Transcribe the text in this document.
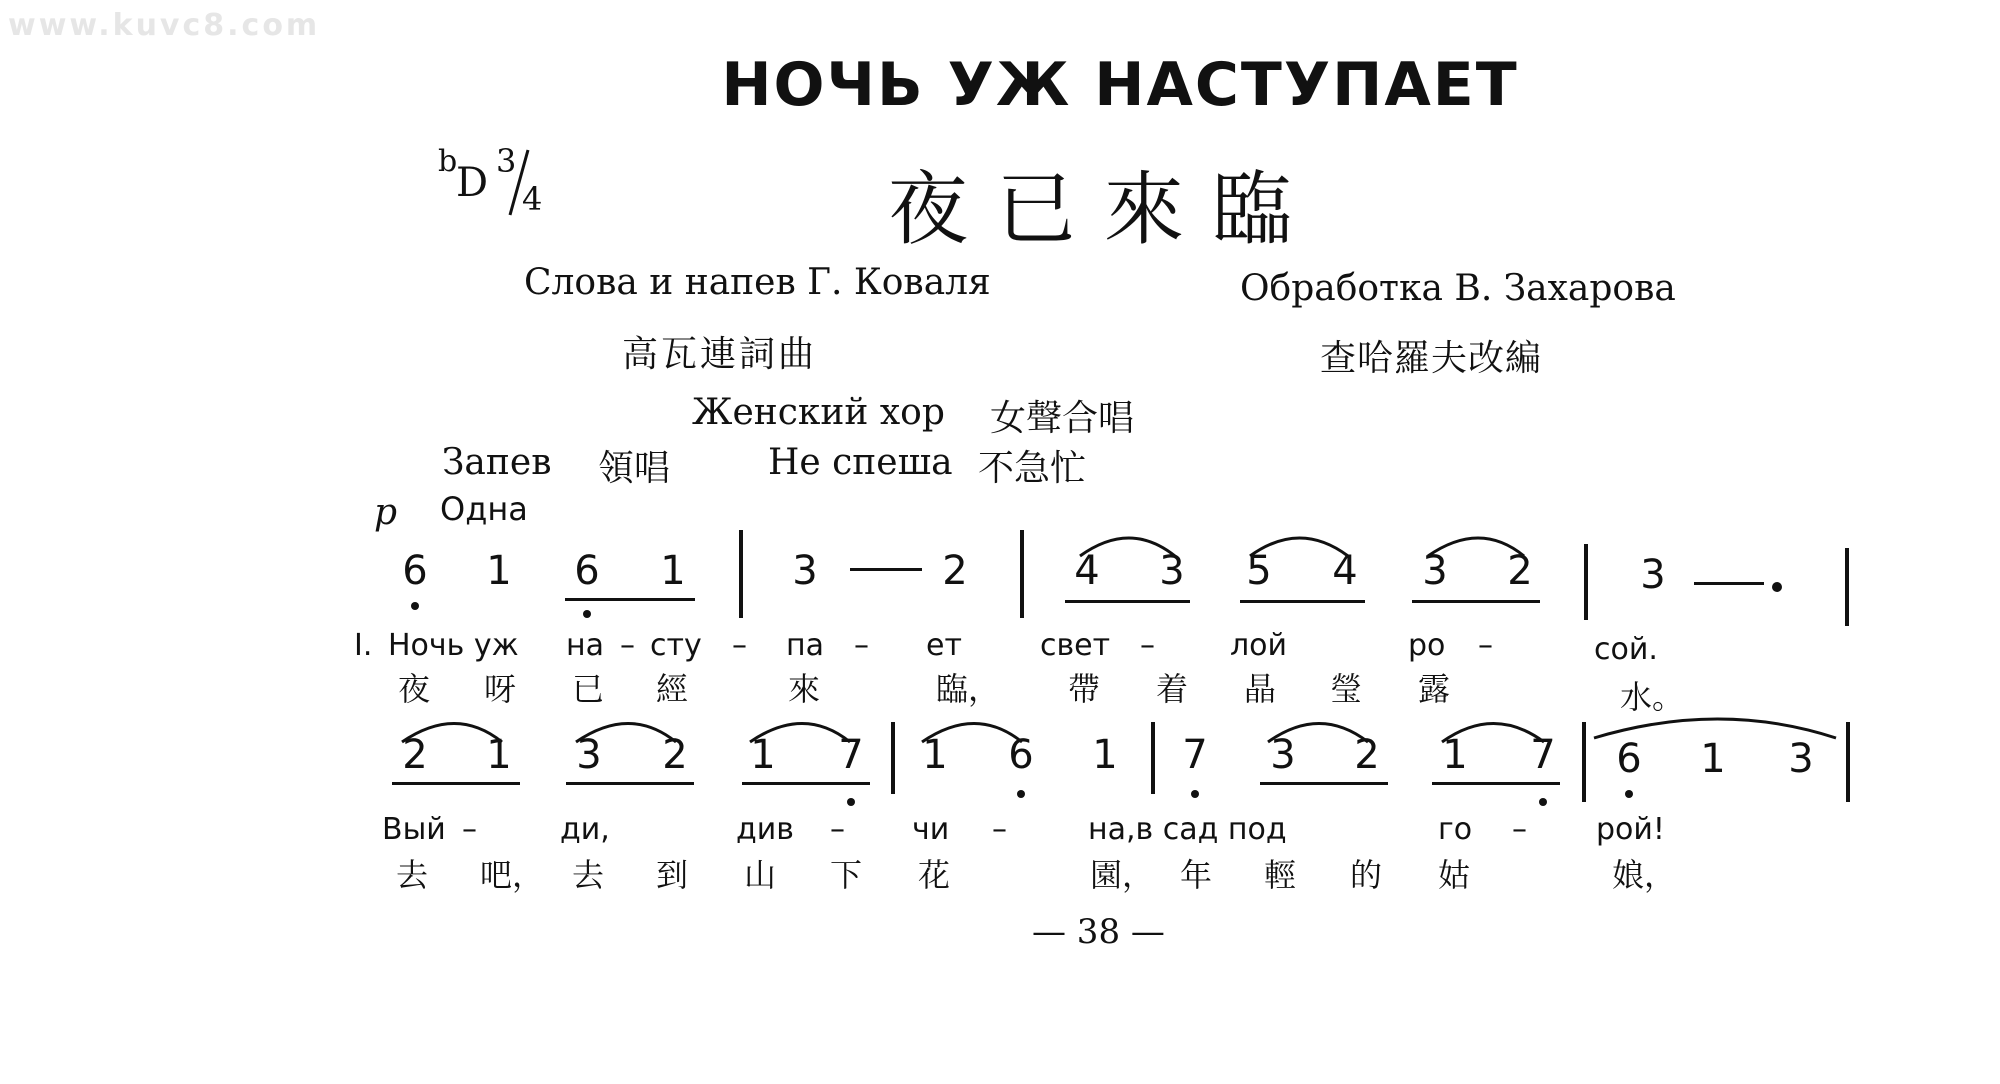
www.kuvc8.com
НОЧЬ УЖ НАСТУПАЕТ
夜已來臨
b
D 3
4
Слова и напев Г. Коваля	Обработка В. Захарова
高瓦連詞曲	查哈羅夫改編
Женский хор 女聲合唱
Запев 領唱	Не спеша 不急忙
p Одна
6 1 6 1	3	2	4 3 5 4 3 2	3
I. Ночь уж на – сту – па – ет	свет –	лой	ро –	сой.
夜 呀 已 經	來	臨， 帶 着 晶 瑩 露	水。
2 1 3 2 1 7 1 6 1 7 3 2 1 7 6 1 3
Вый –	ди,	див – чи –	на,в сад под	го – рой!
去 吧， 去 到 山 下 花	園， 年 輕 的 姑	娘，
— 38 —
